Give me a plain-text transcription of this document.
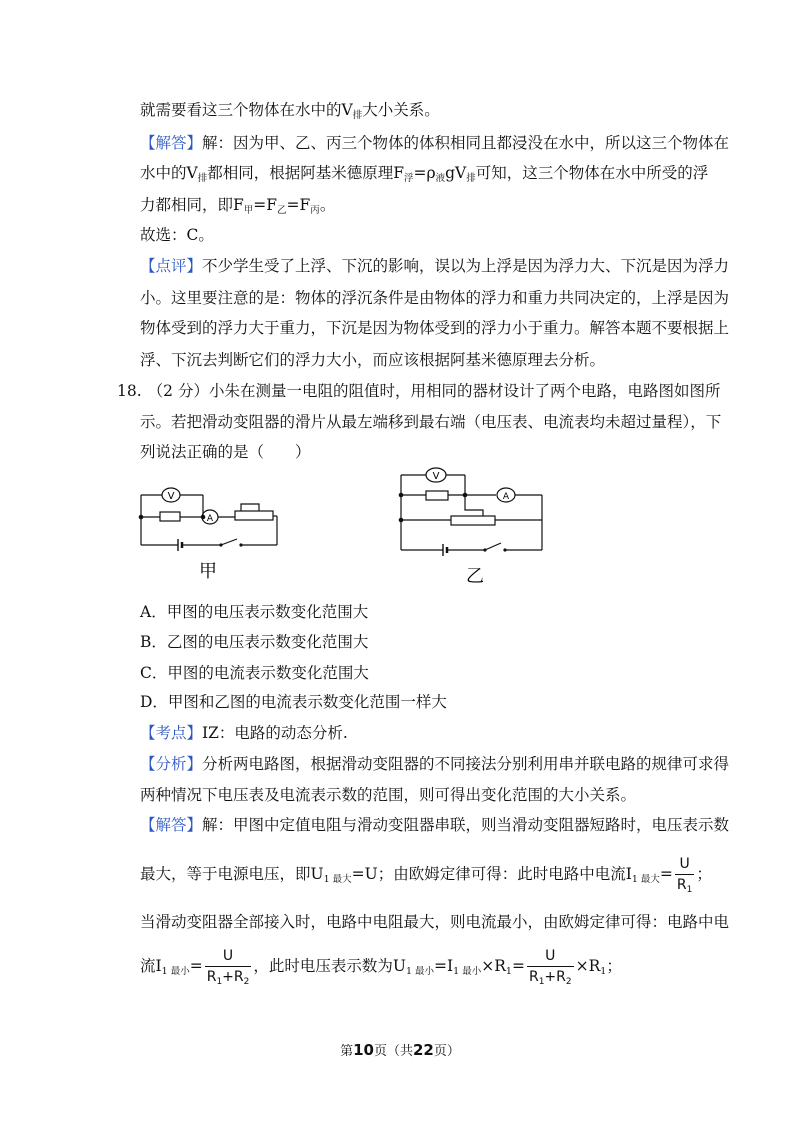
就需要看这三个物体在水中的V排大小关系。
【解答】解：因为甲、乙、丙三个物体的体积相同且都浸没在水中，所以这三个物体在
水中的V排都相同，根据阿基米德原理F浮=ρ液gV排可知，这三个物体在水中所受的浮
力都相同，即F甲=F乙=F丙。
故选：C。
【点评】不少学生受了上浮、下沉的影响，误以为上浮是因为浮力大、下沉是因为浮力
小。这里要注意的是：物体的浮沉条件是由物体的浮力和重力共同决定的，上浮是因为
物体受到的浮力大于重力，下沉是因为物体受到的浮力小于重力。解答本题不要根据上
浮、下沉去判断它们的浮力大小，而应该根据阿基米德原理去分析。
18. （2 分）小朱在测量一电阻的阻值时，用相同的器材设计了两个电路，电路图如图所
示。若把滑动变阻器的滑片从最左端移到最右端（电压表、电流表均未超过量程），下
列说法正确的是（　　）
V
A
甲
V
A
乙
A．甲图的电压表示数变化范围大
B．乙图的电压表示数变化范围大
C．甲图的电流表示数变化范围大
D．甲图和乙图的电流表示数变化范围一样大
【考点】IZ：电路的动态分析.
【分析】分析两电路图，根据滑动变阻器的不同接法分别利用串并联电路的规律可求得
两种情况下电压表及电流表示数的范围，则可得出变化范围的大小关系。
【解答】解：甲图中定值电阻与滑动变阻器串联，则当滑动变阻器短路时，电压表示数
最大，等于电源电压，即U1 最大=U；由欧姆定律可得：此时电路中电流I1 最大= $\frac{U}{R_1}$ ；
当滑动变阻器全部接入时，电路中电阻最大，则电流最小，由欧姆定律可得：电路中电
流I1 最小= $\frac{U}{R_1+R_2}$ ，此时电压表示数为U1 最小=I1 最小$\times R1= \frac{U}{R_1+R_2} \times R1$；
第10页（共22页）
